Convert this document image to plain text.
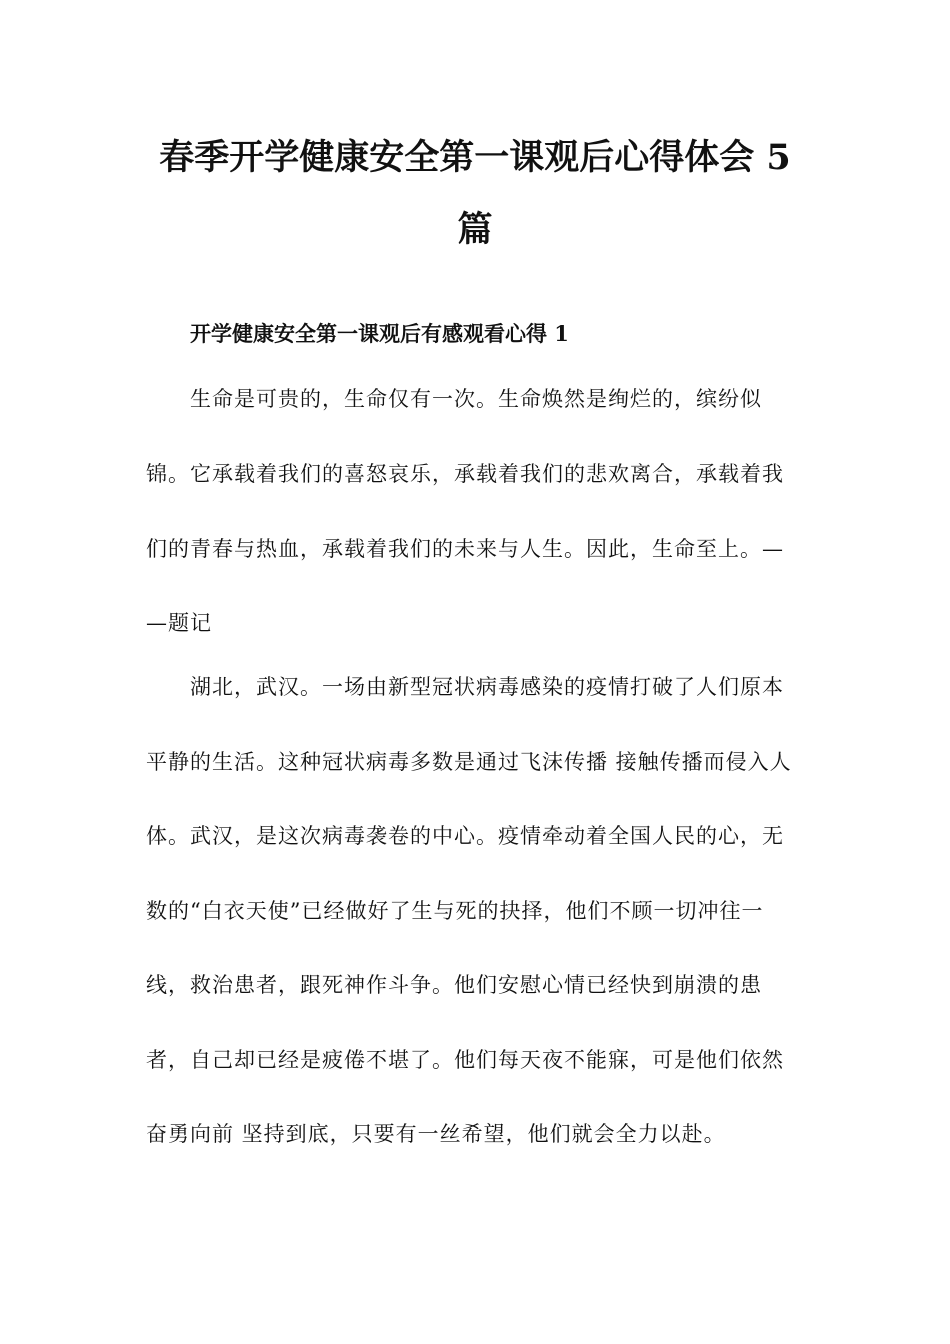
春季开学健康安全第一课观后心得体会 5
篇
开学健康安全第一课观后有感观看心得 1
生命是可贵的，生命仅有一次。生命焕然是绚烂的，缤纷似
锦。它承载着我们的喜怒哀乐，承载着我们的悲欢离合，承载着我
们的青春与热血，承载着我们的未来与人生。因此，生命至上。—
—题记
湖北，武汉。一场由新型冠状病毒感染的疫情打破了人们原本
平静的生活。这种冠状病毒多数是通过飞沫传播 接触传播而侵入人
体。武汉，是这次病毒袭卷的中心。疫情牵动着全国人民的心，无
数的“白衣天使”已经做好了生与死的抉择，他们不顾一切冲往一
线，救治患者，跟死神作斗争。他们安慰心情已经快到崩溃的患
者，自己却已经是疲倦不堪了。他们每天夜不能寐，可是他们依然
奋勇向前 坚持到底，只要有一丝希望，他们就会全力以赴。
